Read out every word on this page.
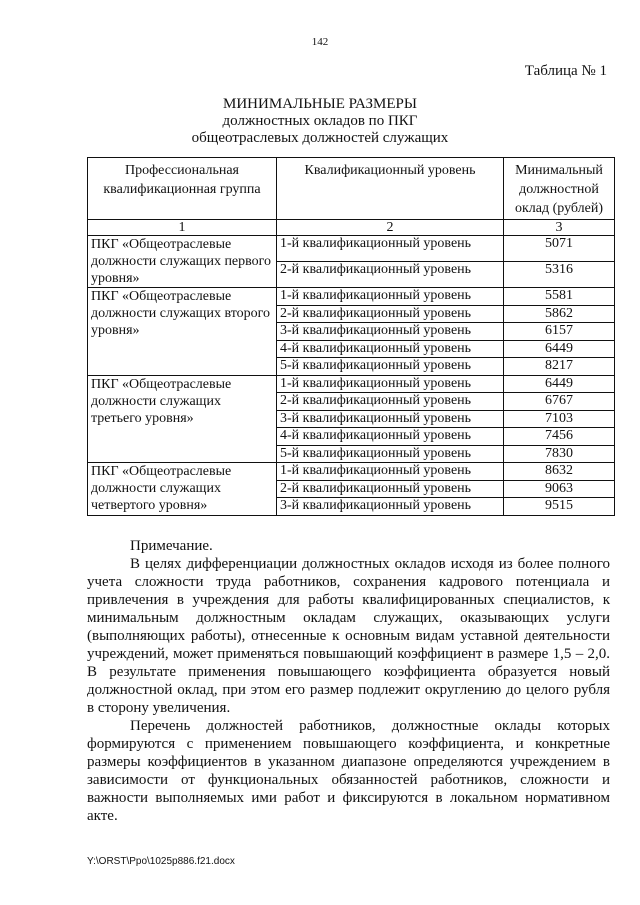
142
Таблица № 1
МИНИМАЛЬНЫЕ РАЗМЕРЫ
должностных окладов по ПКГ
общеотраслевых должностей служащих
Профессиональная квалификационная группа	Квалификационный уровень	Минимальный должностной оклад (рублей)
1	2	3
ПКГ «Общеотраслевые должности служащих первого уровня»	1-й квалификационный уровень	5071
	2-й квалификационный уровень	5316
ПКГ «Общеотраслевые должности служащих второго уровня»	1-й квалификационный уровень	5581
	2-й квалификационный уровень	5862
	3-й квалификационный уровень	6157
	4-й квалификационный уровень	6449
	5-й квалификационный уровень	8217
ПКГ «Общеотраслевые должности служащих третьего уровня»	1-й квалификационный уровень	6449
	2-й квалификационный уровень	6767
	3-й квалификационный уровень	7103
	4-й квалификационный уровень	7456
	5-й квалификационный уровень	7830
ПКГ «Общеотраслевые должности служащих четвертого уровня»	1-й квалификационный уровень	8632
	2-й квалификационный уровень	9063
	3-й квалификационный уровень	9515

Примечание.

В целях дифференциации должностных окладов исходя из более полного учета сложности труда работников, сохранения кадрового потенциала и привлечения в учреждения для работы квалифицированных специалистов, к минимальным должностным окладам служащих, оказывающих услуги (выполняющих работы), отнесенные к основным видам уставной деятельности учреждений, может применяться повышающий коэффициент в размере 1,5 – 2,0. В результате применения повышающего коэффициента образуется новый должностной оклад, при этом его размер подлежит округлению до целого рубля в сторону увеличения.

Перечень должностей работников, должностные оклады которых формируются с применением повышающего коэффициента, и конкретные размеры коэффициентов в указанном диапазоне определяются учреждением в зависимости от функциональных обязанностей работников, сложности и важности выполняемых ими работ и фиксируются в локальном нормативном акте.

Y:\ORST\Ppo\1025p886.f21.docx
